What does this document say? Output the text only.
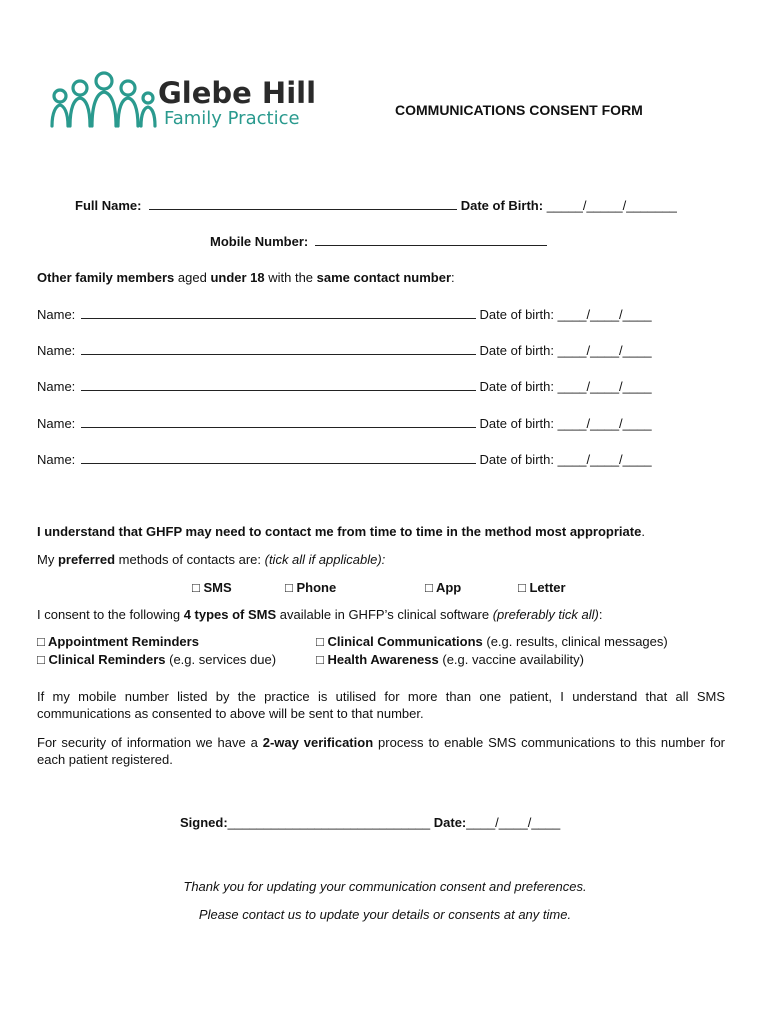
Glebe Hill
Family Practice	COMMUNICATIONS CONSENT FORM
Full Name:	Date of Birth: _____/_____/_______
Mobile Number:
Other family members aged under 18 with the same contact number:
Name:	Date of birth: ____/____/____
Name:	Date of birth: ____/____/____
Name:	Date of birth: ____/____/____
Name:	Date of birth: ____/____/____
Name:	Date of birth: ____/____/____
I understand that GHFP may need to contact me from time to time in the method most appropriate.
My preferred methods of contacts are: (tick all if applicable):
□ SMS	□ Phone	□ App	□ Letter
I consent to the following 4 types of SMS available in GHFP’s clinical software (preferably tick all):
□ Appointment Reminders	□ Clinical Communications (e.g. results, clinical messages)
□ Clinical Reminders (e.g. services due)	□ Health Awareness (e.g. vaccine availability)
If my mobile number listed by the practice is utilised for more than one patient, I understand that all SMS communications as consented to above will be sent to that number.
For security of information we have a 2-way verification process to enable SMS communications to this number for each patient registered.
Signed:____________________________ Date:____/____/____
Thank you for updating your communication consent and preferences.
Please contact us to update your details or consents at any time.
